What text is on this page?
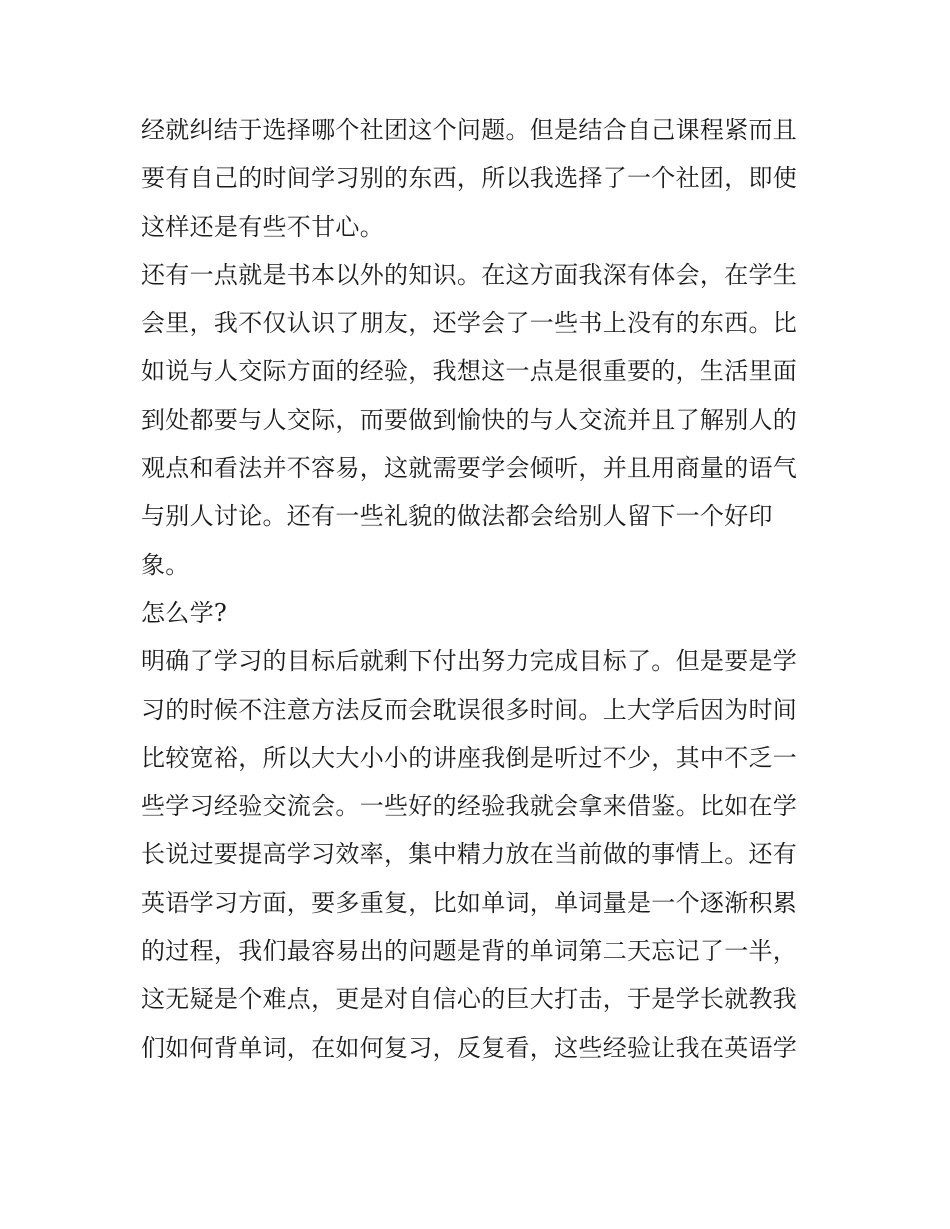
经就纠结于选择哪个社团这个问题。但是结合自己课程紧而且
要有自己的时间学习别的东西，所以我选择了一个社团，即使
这样还是有些不甘心。
还有一点就是书本以外的知识。在这方面我深有体会，在学生
会里，我不仅认识了朋友，还学会了一些书上没有的东西。比
如说与人交际方面的经验，我想这一点是很重要的，生活里面
到处都要与人交际，而要做到愉快的与人交流并且了解别人的
观点和看法并不容易，这就需要学会倾听，并且用商量的语气
与别人讨论。还有一些礼貌的做法都会给别人留下一个好印
象。
怎么学?
明确了学习的目标后就剩下付出努力完成目标了。但是要是学
习的时候不注意方法反而会耽误很多时间。上大学后因为时间
比较宽裕，所以大大小小的讲座我倒是听过不少，其中不乏一
些学习经验交流会。一些好的经验我就会拿来借鉴。比如在学
长说过要提高学习效率，集中精力放在当前做的事情上。还有
英语学习方面，要多重复，比如单词，单词量是一个逐渐积累
的过程，我们最容易出的问题是背的单词第二天忘记了一半，
这无疑是个难点，更是对自信心的巨大打击，于是学长就教我
们如何背单词，在如何复习，反复看，这些经验让我在英语学
